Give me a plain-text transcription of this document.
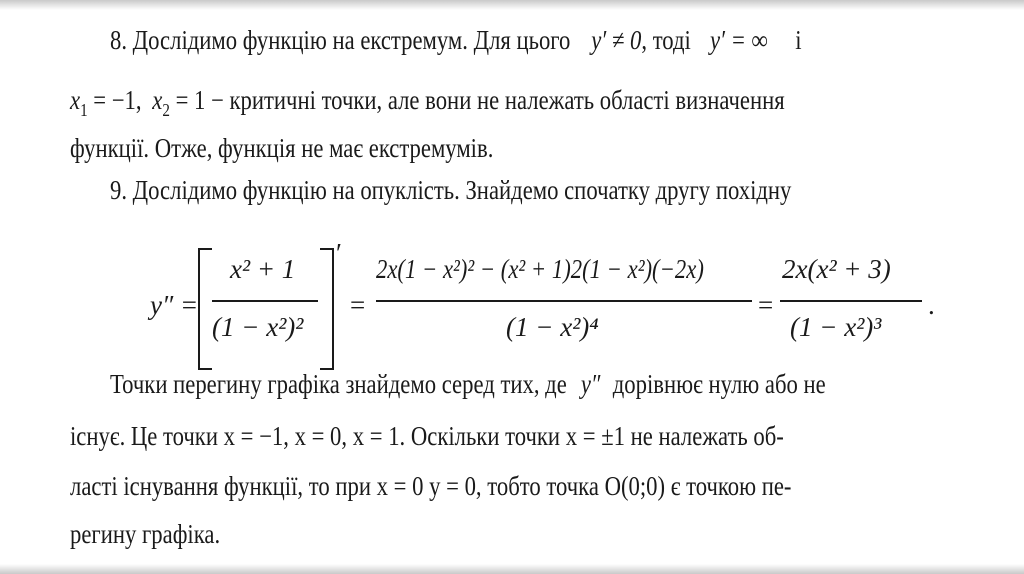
8. Дослідимо функцію на екстремум. Для цього y′ ≠ 0, тоді y′ = ∞ і
$x_1 = -1$, $x_2 = 1$ − критичні точки, але вони не належать області визначення
функції. Отже, функція не має екстремумів.
9. Дослідимо функцію на опуклість. Знайдемо спочатку другу похідну
y″ =
x² + 1
(1 − x²)²
′
=
2x(1 − x²)² − (x² + 1)2(1 − x²)(−2x)
(1 − x²)⁴
=
2x(x² + 3)
(1 − x²)³
.
Точки перегину графіка знайдемо серед тих, де y″ дорівнює нулю або не
існує. Це точки x = −1, x = 0, x = 1. Оскільки точки x = ±1 не належать об-
ласті існування функції, то при x = 0 y = 0, тобто точка O(0;0) є точкою пе-
регину графіка.
